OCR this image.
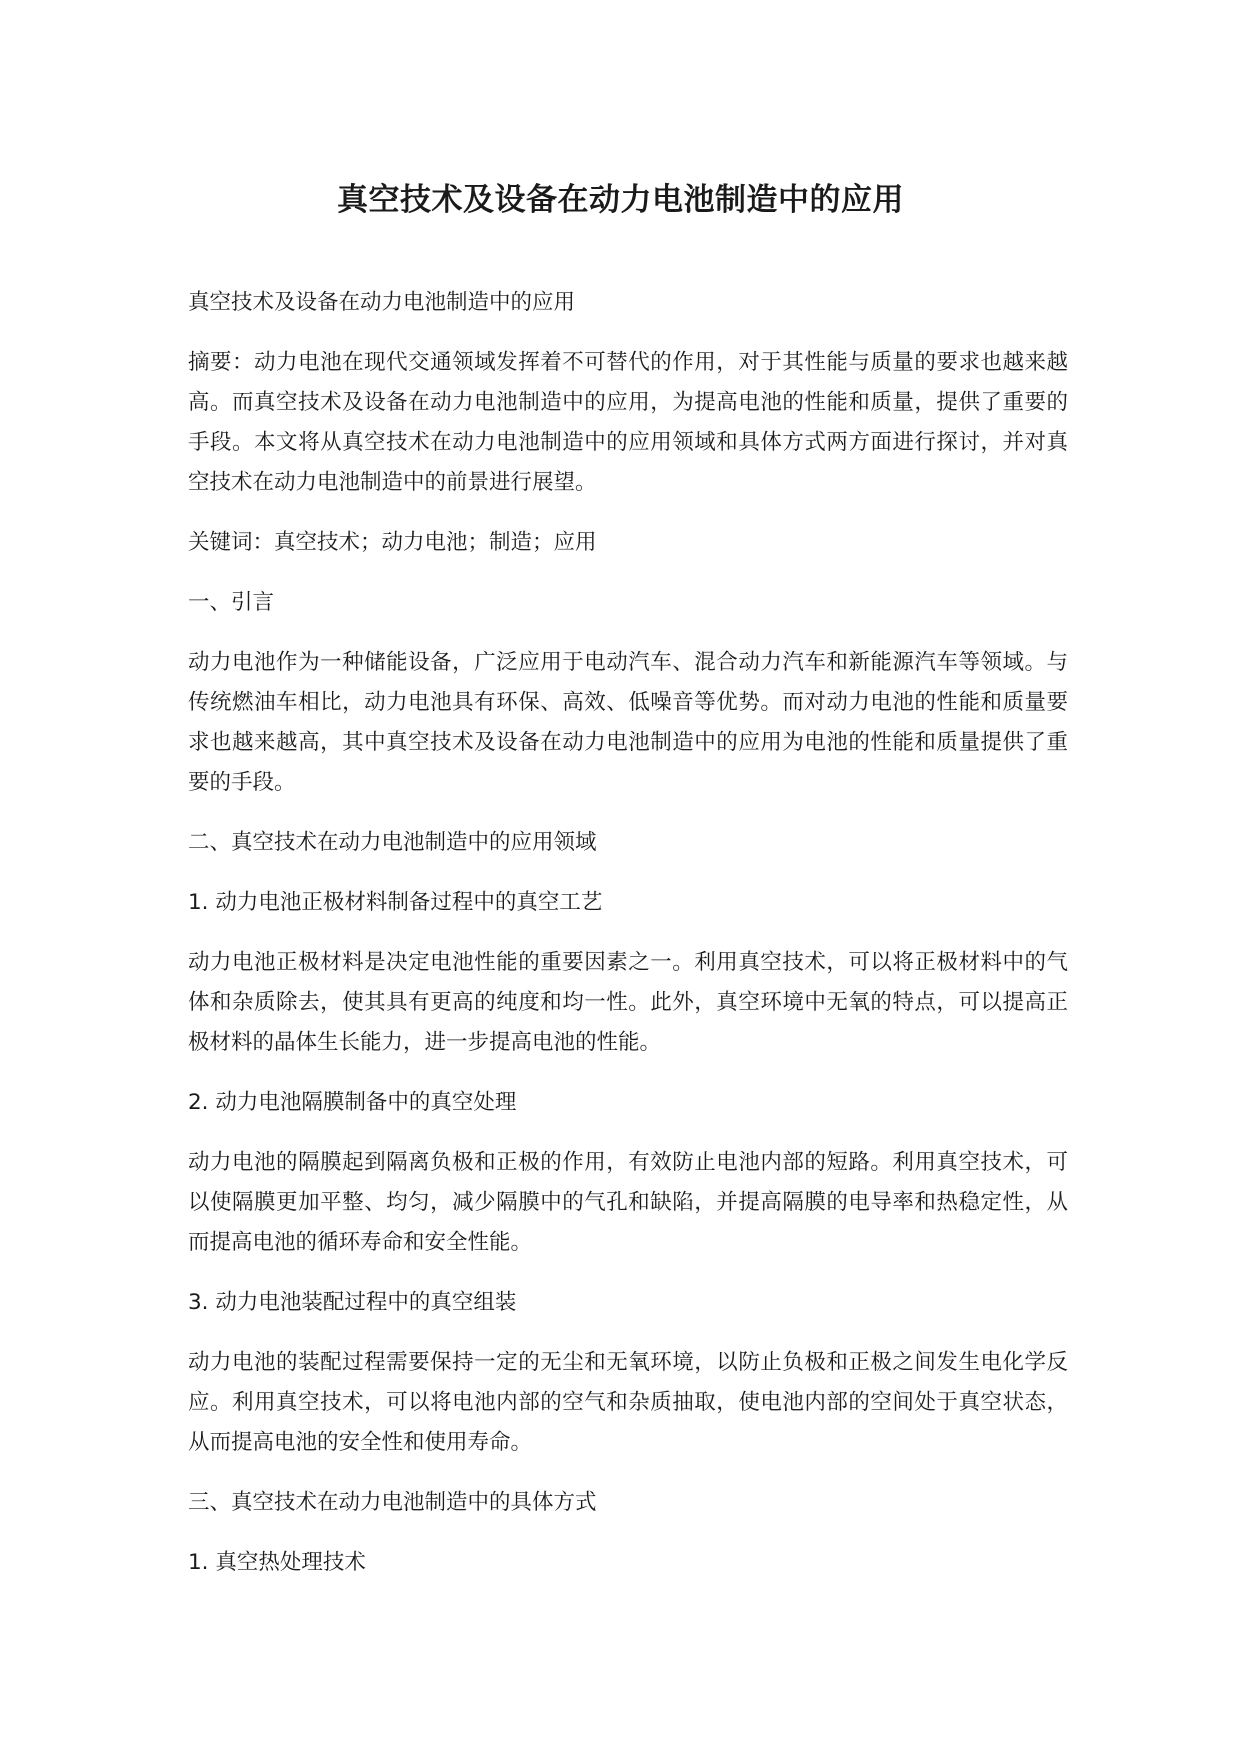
真空技术及设备在动力电池制造中的应用

真空技术及设备在动力电池制造中的应用

摘要：动力电池在现代交通领域发挥着不可替代的作用，对于其性能与质量的要求也越来越高。而真空技术及设备在动力电池制造中的应用，为提高电池的性能和质量，提供了重要的手段。本文将从真空技术在动力电池制造中的应用领域和具体方式两方面进行探讨，并对真空技术在动力电池制造中的前景进行展望。

关键词：真空技术；动力电池；制造；应用

一、引言

动力电池作为一种储能设备，广泛应用于电动汽车、混合动力汽车和新能源汽车等领域。与传统燃油车相比，动力电池具有环保、高效、低噪音等优势。而对动力电池的性能和质量要求也越来越高，其中真空技术及设备在动力电池制造中的应用为电池的性能和质量提供了重要的手段。

二、真空技术在动力电池制造中的应用领域

1. 动力电池正极材料制备过程中的真空工艺

动力电池正极材料是决定电池性能的重要因素之一。利用真空技术，可以将正极材料中的气体和杂质除去，使其具有更高的纯度和均一性。此外，真空环境中无氧的特点，可以提高正极材料的晶体生长能力，进一步提高电池的性能。

2. 动力电池隔膜制备中的真空处理

动力电池的隔膜起到隔离负极和正极的作用，有效防止电池内部的短路。利用真空技术，可以使隔膜更加平整、均匀，减少隔膜中的气孔和缺陷，并提高隔膜的电导率和热稳定性，从而提高电池的循环寿命和安全性能。

3. 动力电池装配过程中的真空组装

动力电池的装配过程需要保持一定的无尘和无氧环境，以防止负极和正极之间发生电化学反应。利用真空技术，可以将电池内部的空气和杂质抽取，使电池内部的空间处于真空状态，从而提高电池的安全性和使用寿命。

三、真空技术在动力电池制造中的具体方式

1. 真空热处理技术
